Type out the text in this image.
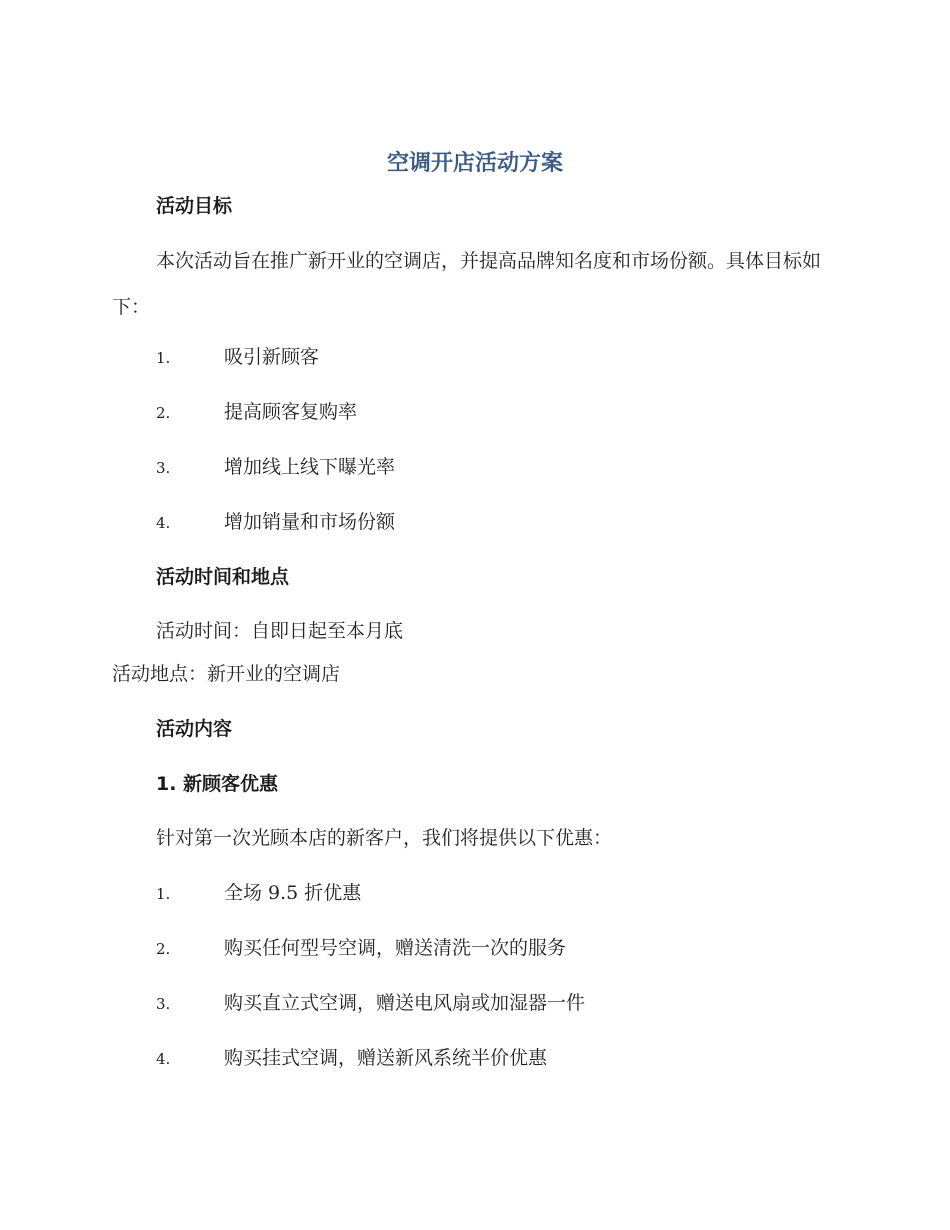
空调开店活动方案
活动目标
本次活动旨在推广新开业的空调店，并提高品牌知名度和市场份额。具体目标如下：
1.	吸引新顾客
2.	提高顾客复购率
3.	增加线上线下曝光率
4.	增加销量和市场份额
活动时间和地点
活动时间：自即日起至本月底
活动地点：新开业的空调店
活动内容
1. 新顾客优惠
针对第一次光顾本店的新客户，我们将提供以下优惠：
1.	全场 9.5 折优惠
2.	购买任何型号空调，赠送清洗一次的服务
3.	购买直立式空调，赠送电风扇或加湿器一件
4.	购买挂式空调，赠送新风系统半价优惠
